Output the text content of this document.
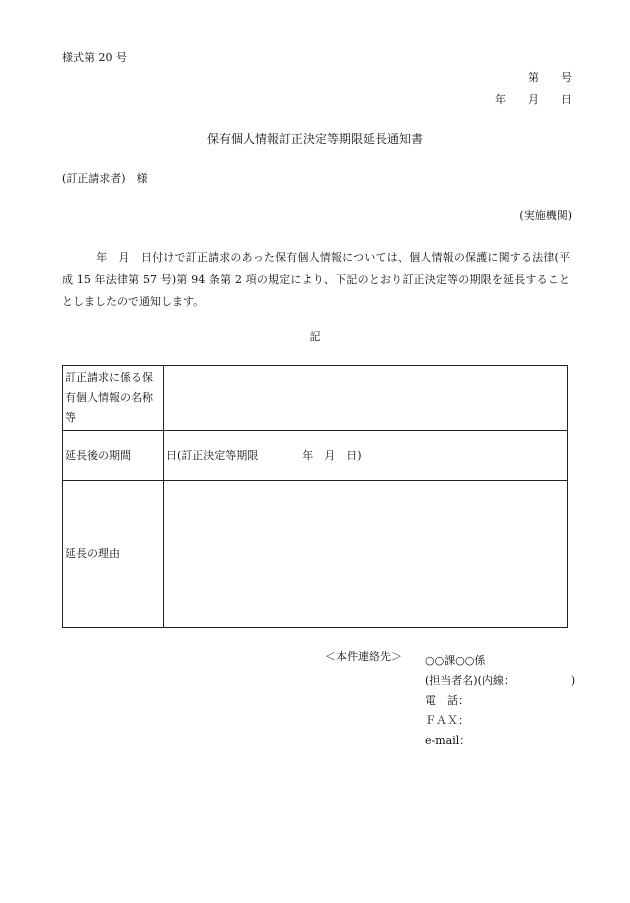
様式第 20 号
第　　号
年　　月　　日
保有個人情報訂正決定等期限延長通知書
(訂正請求者)　様
(実施機関)
年　月　日付けで訂正請求のあった保有個人情報については、個人情報の保護に関する法律(平成 15 年法律第 57 号)第 94 条第 2 項の規定により、下記のとおり訂正決定等の期限を延長することとしましたので通知します。
記
訂正請求に係る保有個人情報の名称等	
延長後の期間	日(訂正決定等期限 年　月　日)
延長の理由	
＜本件連絡先＞ ○○課○○係
(担当者名)(内線：	)
電　話：
ＦＡＸ：
e-mail：
